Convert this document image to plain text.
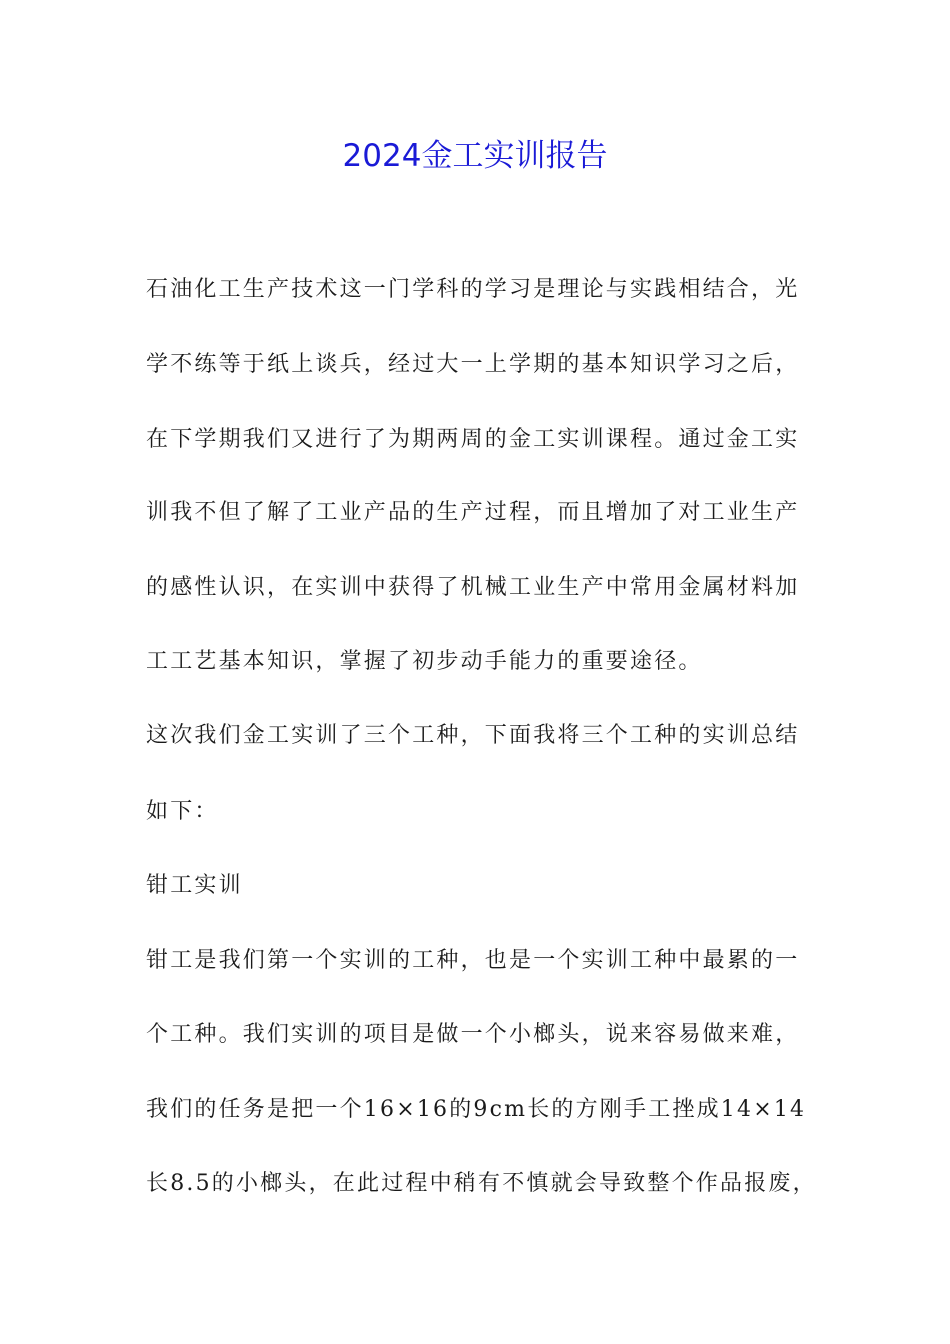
2024金工实训报告
石油化工生产技术这一门学科的学习是理论与实践相结合，光
学不练等于纸上谈兵，经过大一上学期的基本知识学习之后，
在下学期我们又进行了为期两周的金工实训课程。通过金工实
训我不但了解了工业产品的生产过程，而且增加了对工业生产
的感性认识，在实训中获得了机械工业生产中常用金属材料加
工工艺基本知识，掌握了初步动手能力的重要途径。
这次我们金工实训了三个工种，下面我将三个工种的实训总结
如下：
钳工实训
钳工是我们第一个实训的工种，也是一个实训工种中最累的一
个工种。我们实训的项目是做一个小榔头，说来容易做来难，
我们的任务是把一个16×16的9cm长的方刚手工挫成14×14
长8.5的小榔头，在此过程中稍有不慎就会导致整个作品报废，
